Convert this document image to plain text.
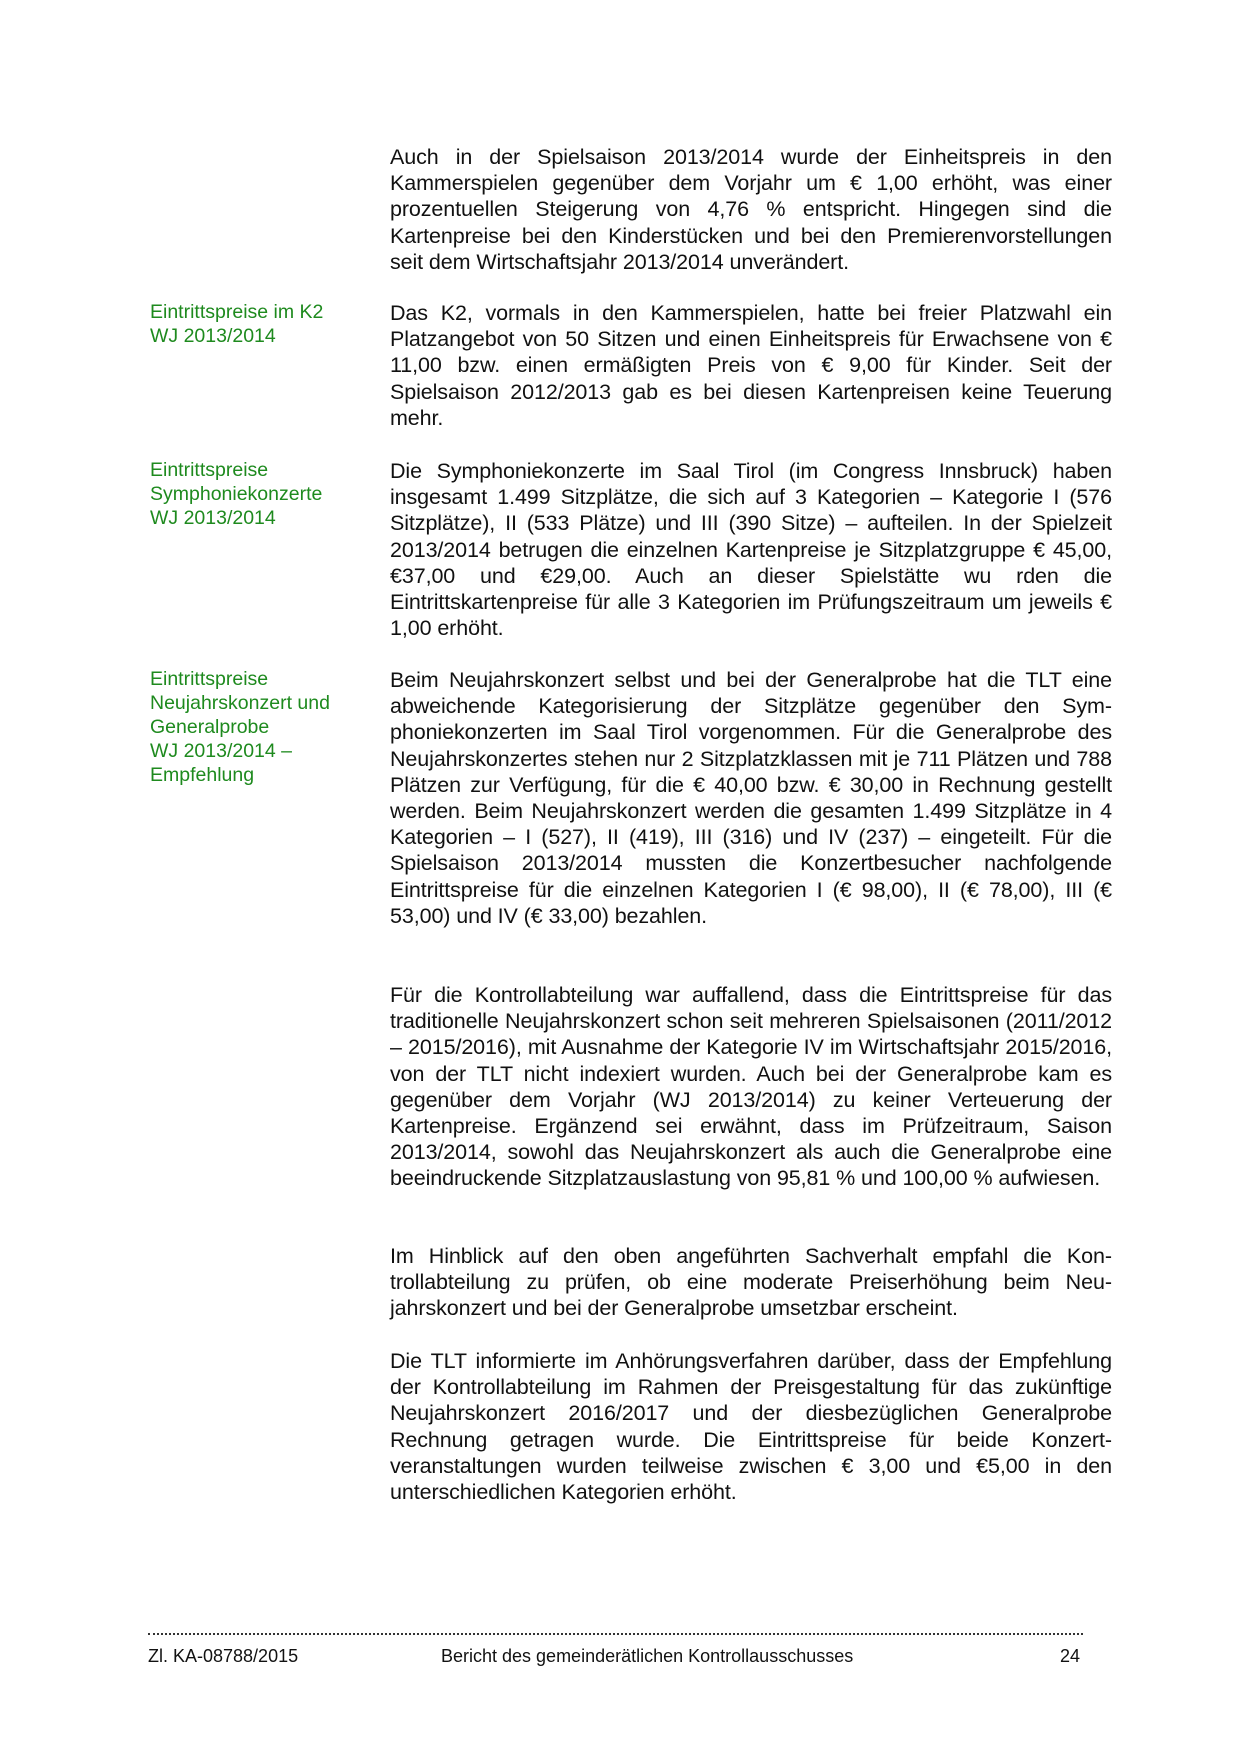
Auch in der Spielsaison 2013/2014 wurde der Einheitspreis in den Kammerspielen gegenüber dem Vorjahr um € 1,00 erhöht, was einer prozentuellen Steigerung von 4,76 % entspricht. Hingegen sind die Kartenpreise bei den Kinderstücken und bei den Premierenvorstellungen seit dem Wirtschaftsjahr 2013/2014 unverändert.

Eintrittspreise im K2
WJ 2013/2014

Das K2, vormals in den Kammerspielen, hatte bei freier Platzwahl ein Platzangebot von 50 Sitzen und einen Einheitspreis für Erwachsene von € 11,00 bzw. einen ermäßigten Preis von € 9,00 für Kinder. Seit der Spielsaison 2012/2013 gab es bei diesen Kartenpreisen keine Teuerung mehr.

Eintrittspreise
Symphoniekonzerte
WJ 2013/2014

Die Symphoniekonzerte im Saal Tirol (im Congress Innsbruck) haben insgesamt 1.499 Sitzplätze, die sich auf 3 Kategorien – Kategorie I (576 Sitzplätze), II (533 Plätze) und III (390 Sitze) – aufteilen. In der Spielzeit 2013/2014 betrugen die einzelnen Kartenpreise je Sitzplatzgruppe € 45,00, €37,00 und €29,00. Auch an dieser Spielstätte wu rden die Eintrittskartenpreise für alle 3 Kategorien im Prüfungszeitraum um jeweils € 1,00 erhöht.

Eintrittspreise
Neujahrskonzert und
Generalprobe
WJ 2013/2014 –
Empfehlung

Beim Neujahrskonzert selbst und bei der Generalprobe hat die TLT eine abweichende Kategorisierung der Sitzplätze gegenüber den Symphoniekonzerten im Saal Tirol vorgenommen. Für die Generalprobe des Neujahrskonzertes stehen nur 2 Sitzplatzklassen mit je 711 Plätzen und 788 Plätzen zur Verfügung, für die € 40,00 bzw. € 30,00 in Rechnung gestellt werden. Beim Neujahrskonzert werden die gesamten 1.499 Sitzplätze in 4 Kategorien – I (527), II (419), III (316) und IV (237) – eingeteilt. Für die Spielsaison 2013/2014 mussten die Konzertbesucher nachfolgende Eintrittspreise für die einzelnen Kategorien I (€ 98,00), II (€ 78,00), III (€ 53,00) und IV (€ 33,00) bezahlen.

Für die Kontrollabteilung war auffallend, dass die Eintrittspreise für das traditionelle Neujahrskonzert schon seit mehreren Spielsaisonen (2011/2012 – 2015/2016), mit Ausnahme der Kategorie IV im Wirtschaftsjahr 2015/2016, von der TLT nicht indexiert wurden. Auch bei der Generalprobe kam es gegenüber dem Vorjahr (WJ 2013/2014) zu keiner Verteuerung der Kartenpreise. Ergänzend sei erwähnt, dass im Prüfzeitraum, Saison 2013/2014, sowohl das Neujahrskonzert als auch die Generalprobe eine beeindruckende Sitzplatzauslastung von 95,81 % und 100,00 % aufwiesen.

Im Hinblick auf den oben angeführten Sachverhalt empfahl die Kontrollabteilung zu prüfen, ob eine moderate Preiserhöhung beim Neujahrskonzert und bei der Generalprobe umsetzbar erscheint.

Die TLT informierte im Anhörungsverfahren darüber, dass der Empfehlung der Kontrollabteilung im Rahmen der Preisgestaltung für das zukünftige Neujahrskonzert 2016/2017 und der diesbezüglichen Generalprobe Rechnung getragen wurde. Die Eintrittspreise für beide Konzertveranstaltungen wurden teilweise zwischen € 3,00 und €5,00 in den unterschiedlichen Kategorien erhöht.

Zl. KA-08788/2015	Bericht des gemeinderätlichen Kontrollausschusses	24
